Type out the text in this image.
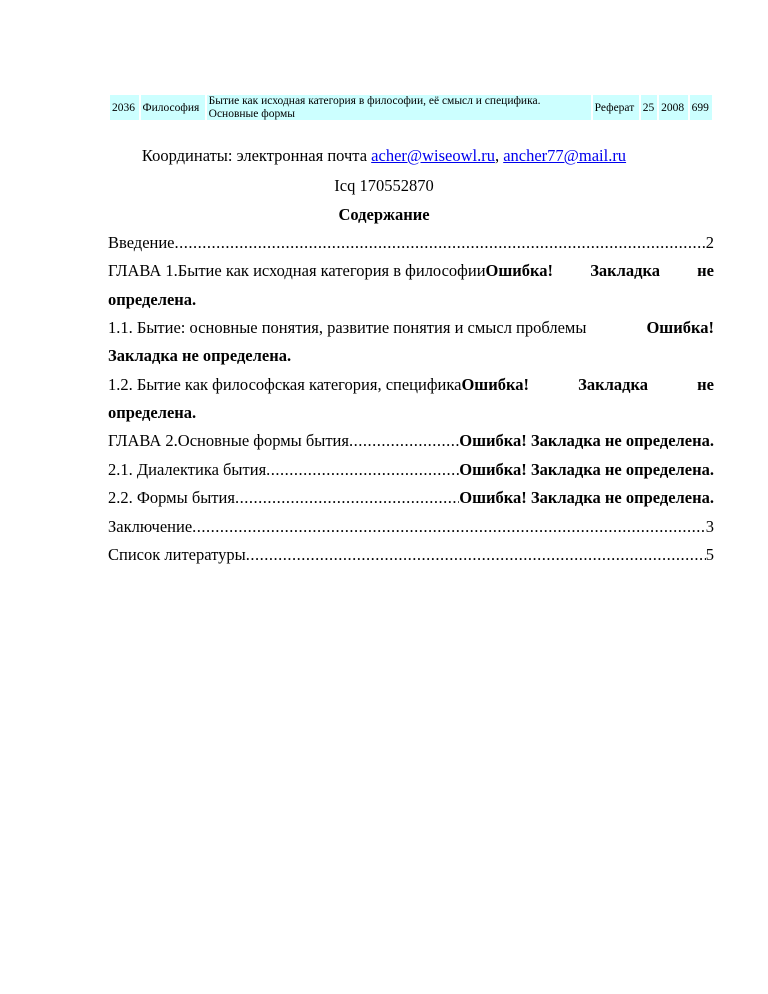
2036	Философия	Бытие как исходная категория в философии, её смысл и специфика.
Основные формы	Реферат	25	2008	699
Координаты: электронная почта acher@wiseowl.ru, ancher77@mail.ru
Icq 170552870
Содержание
Введение .....	2
ГЛАВА 1.Бытие как исходная категория в философииОшибка! Закладка не
определена.
1.1. Бытие: основные понятия, развитие понятия и смысл проблемы	Ошибка!
Закладка не определена.
1.2. Бытие как философская категория, спецификаОшибка!	Закладка	не
определена.
ГЛАВА 2.Основные формы бытия .....	Ошибка! Закладка не определена.
2.1. Диалектика бытия .....	Ошибка! Закладка не определена.
2.2. Формы бытия .....	Ошибка! Закладка не определена.
Заключение .....	3
Список литературы .....	5
